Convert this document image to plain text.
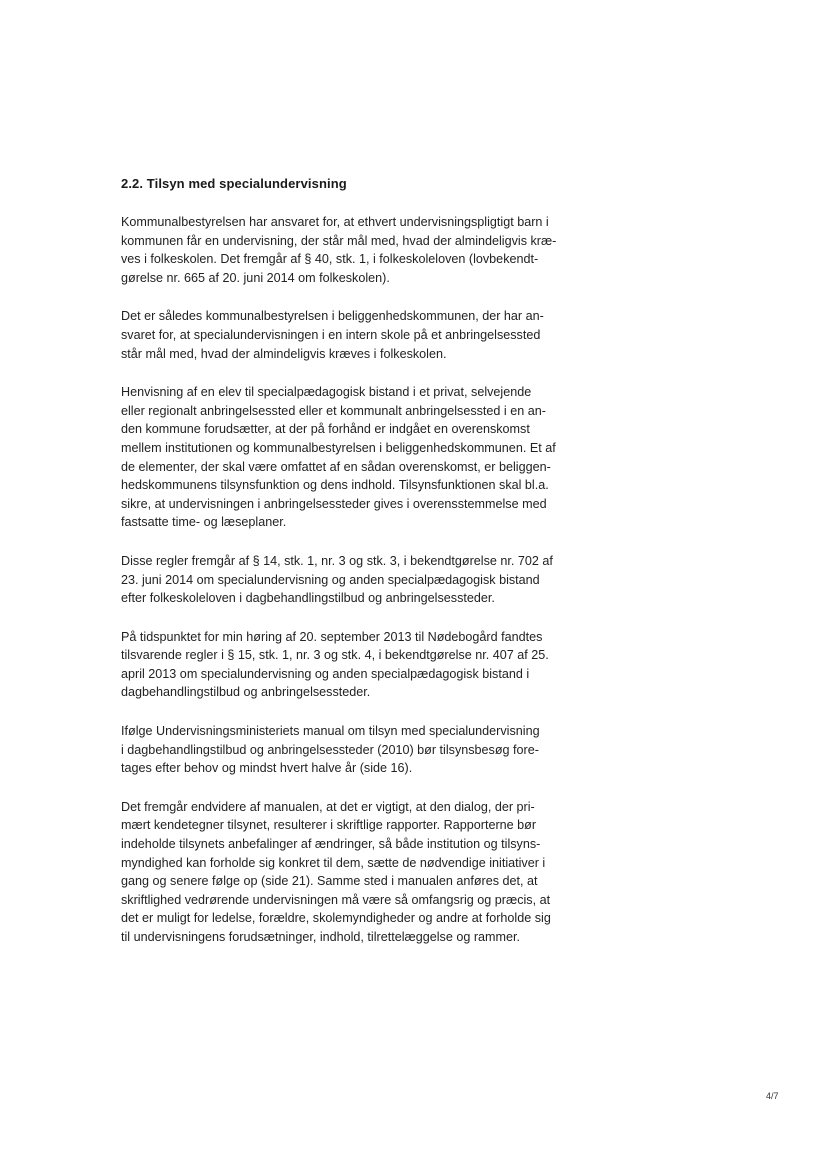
2.2. Tilsyn med specialundervisning

Kommunalbestyrelsen har ansvaret for, at ethvert undervisningspligtigt barn i
kommunen får en undervisning, der står mål med, hvad der almindeligvis kræ-
ves i folkeskolen. Det fremgår af § 40, stk. 1, i folkeskoleloven (lovbekendt-
gørelse nr. 665 af 20. juni 2014 om folkeskolen).

Det er således kommunalbestyrelsen i beliggenhedskommunen, der har an-
svaret for, at specialundervisningen i en intern skole på et anbringelsessted
står mål med, hvad der almindeligvis kræves i folkeskolen.

Henvisning af en elev til specialpædagogisk bistand i et privat, selvejende
eller regionalt anbringelsessted eller et kommunalt anbringelsessted i en an-
den kommune forudsætter, at der på forhånd er indgået en overenskomst
mellem institutionen og kommunalbestyrelsen i beliggenhedskommunen. Et af
de elementer, der skal være omfattet af en sådan overenskomst, er beliggen-
hedskommunens tilsynsfunktion og dens indhold. Tilsynsfunktionen skal bl.a.
sikre, at undervisningen i anbringelsessteder gives i overensstemmelse med
fastsatte time- og læseplaner.

Disse regler fremgår af § 14, stk. 1, nr. 3 og stk. 3, i bekendtgørelse nr. 702 af
23. juni 2014 om specialundervisning og anden specialpædagogisk bistand
efter folkeskoleloven i dagbehandlingstilbud og anbringelsessteder.

På tidspunktet for min høring af 20. september 2013 til Nødebogård fandtes
tilsvarende regler i § 15, stk. 1, nr. 3 og stk. 4, i bekendtgørelse nr. 407 af 25.
april 2013 om specialundervisning og anden specialpædagogisk bistand i
dagbehandlingstilbud og anbringelsessteder.

Ifølge Undervisningsministeriets manual om tilsyn med specialundervisning
i dagbehandlingstilbud og anbringelsessteder (2010) bør tilsynsbesøg fore-
tages efter behov og mindst hvert halve år (side 16).

Det fremgår endvidere af manualen, at det er vigtigt, at den dialog, der pri-
mært kendetegner tilsynet, resulterer i skriftlige rapporter. Rapporterne bør
indeholde tilsynets anbefalinger af ændringer, så både institution og tilsyns-
myndighed kan forholde sig konkret til dem, sætte de nødvendige initiativer i
gang og senere følge op (side 21). Samme sted i manualen anføres det, at
skriftlighed vedrørende undervisningen må være så omfangsrig og præcis, at
det er muligt for ledelse, forældre, skolemyndigheder og andre at forholde sig
til undervisningens forudsætninger, indhold, tilrettelæggelse og rammer.

4/7
